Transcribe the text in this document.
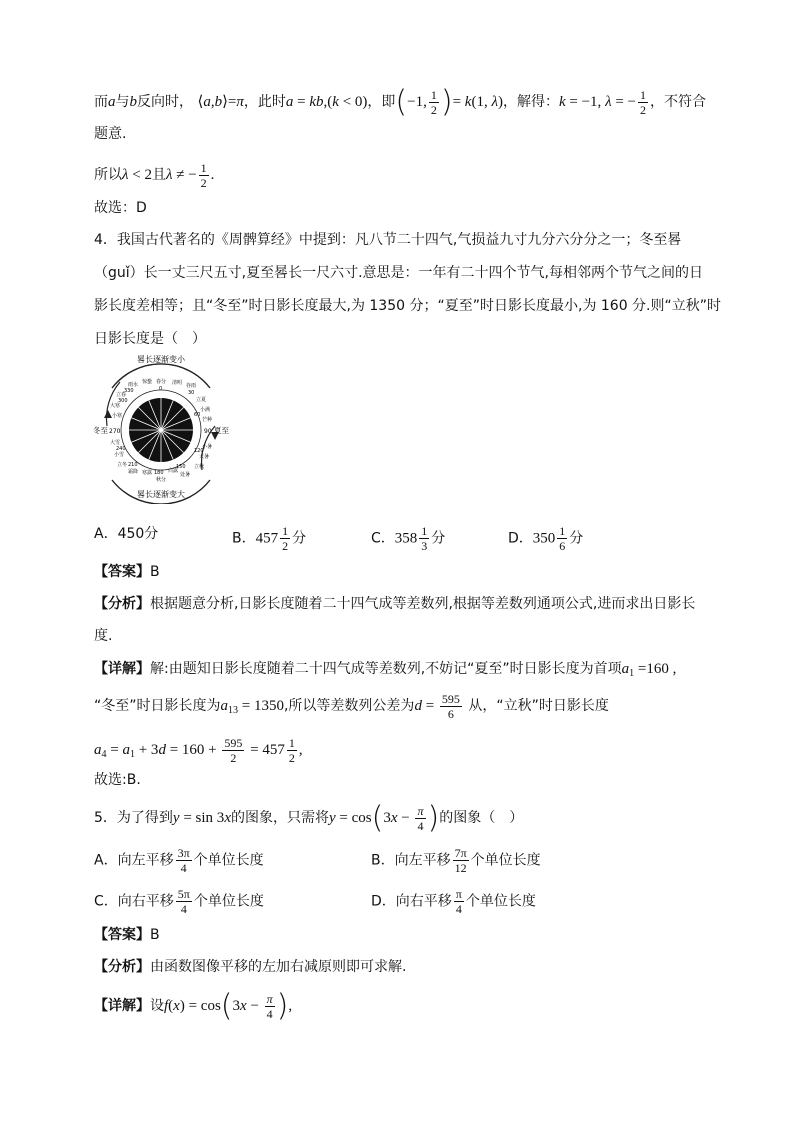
而a与b反向时， ⟨a,b⟩=π，此时a = kb,(k < 0)，即(−1, $\frac{1}{2}$ )= k(1, λ)，解得：k = −1, λ = − $\frac{1}{2}$ ，不符合
题意.
所以λ < 2且λ ≠ − $\frac{1}{2}$ .
故选：D
4．我国古代著名的《周髀算经》中提到：凡八节二十四气,气损益九寸九分六分分之一；冬至晷
（guǐ）长一丈三尺五寸,夏至晷长一尺六寸.意思是：一年有二十四个节气,每相邻两个节气之间的日
影长度差相等；且“冬至”时日影长度最大,为 1350 分；“夏至”时日影长度最小,为 160 分.则“立秋”时
日影长度是（　）
晷长逐渐变小
晷长逐渐变大
冬至 270	夏至
90
雨水 惊蛰 春分 清明 谷雨
立夏
小满
芒种
小暑
大暑
立秋
处暑
白露
秋分
寒露
霜降
立冬
小雪
大雪
小寒
大寒
立春
330	0
30
60
120
150
180
210
240
300
A．450分	B．$457 \frac{1}{2}$ 分	C．$358 \frac{1}{3}$ 分	D．$350 \frac{1}{6}$ 分
【答案】B
【分析】根据题意分析,日影长度随着二十四气成等差数列,根据等差数列通项公式,进而求出日影长
度.
【详解】解:由题知日影长度随着二十四气成等差数列,不妨记“夏至”时日影长度为首项$a_1 =160$ ,
“冬至”时日影长度为$a_{13} = 1350$,所以等差数列公差为$d = \frac{595}{6}$ 从，“立秋”时日影长度
$a_4 = a_1 + 3d = 160 + \frac{595}{2} = 457 \frac{1}{2}$ ,
故选:B.
5．为了得到y = sin 3x的图象，只需将$y = \cos(3x - \frac{\pi}{4}$ )的图象（　）
A．向左平移 $\frac{3\pi}{4}$ 个单位长度	B．向左平移 $\frac{7\pi}{12}$ 个单位长度
C．向右平移 $\frac{5\pi}{4}$ 个单位长度	D．向右平移 $\frac{\pi}{4}$ 个单位长度
【答案】B
【分析】由函数图像平移的左加右减原则即可求解.
【详解】设$f(x) = \cos(3x - \frac{\pi}{4}$ ),
